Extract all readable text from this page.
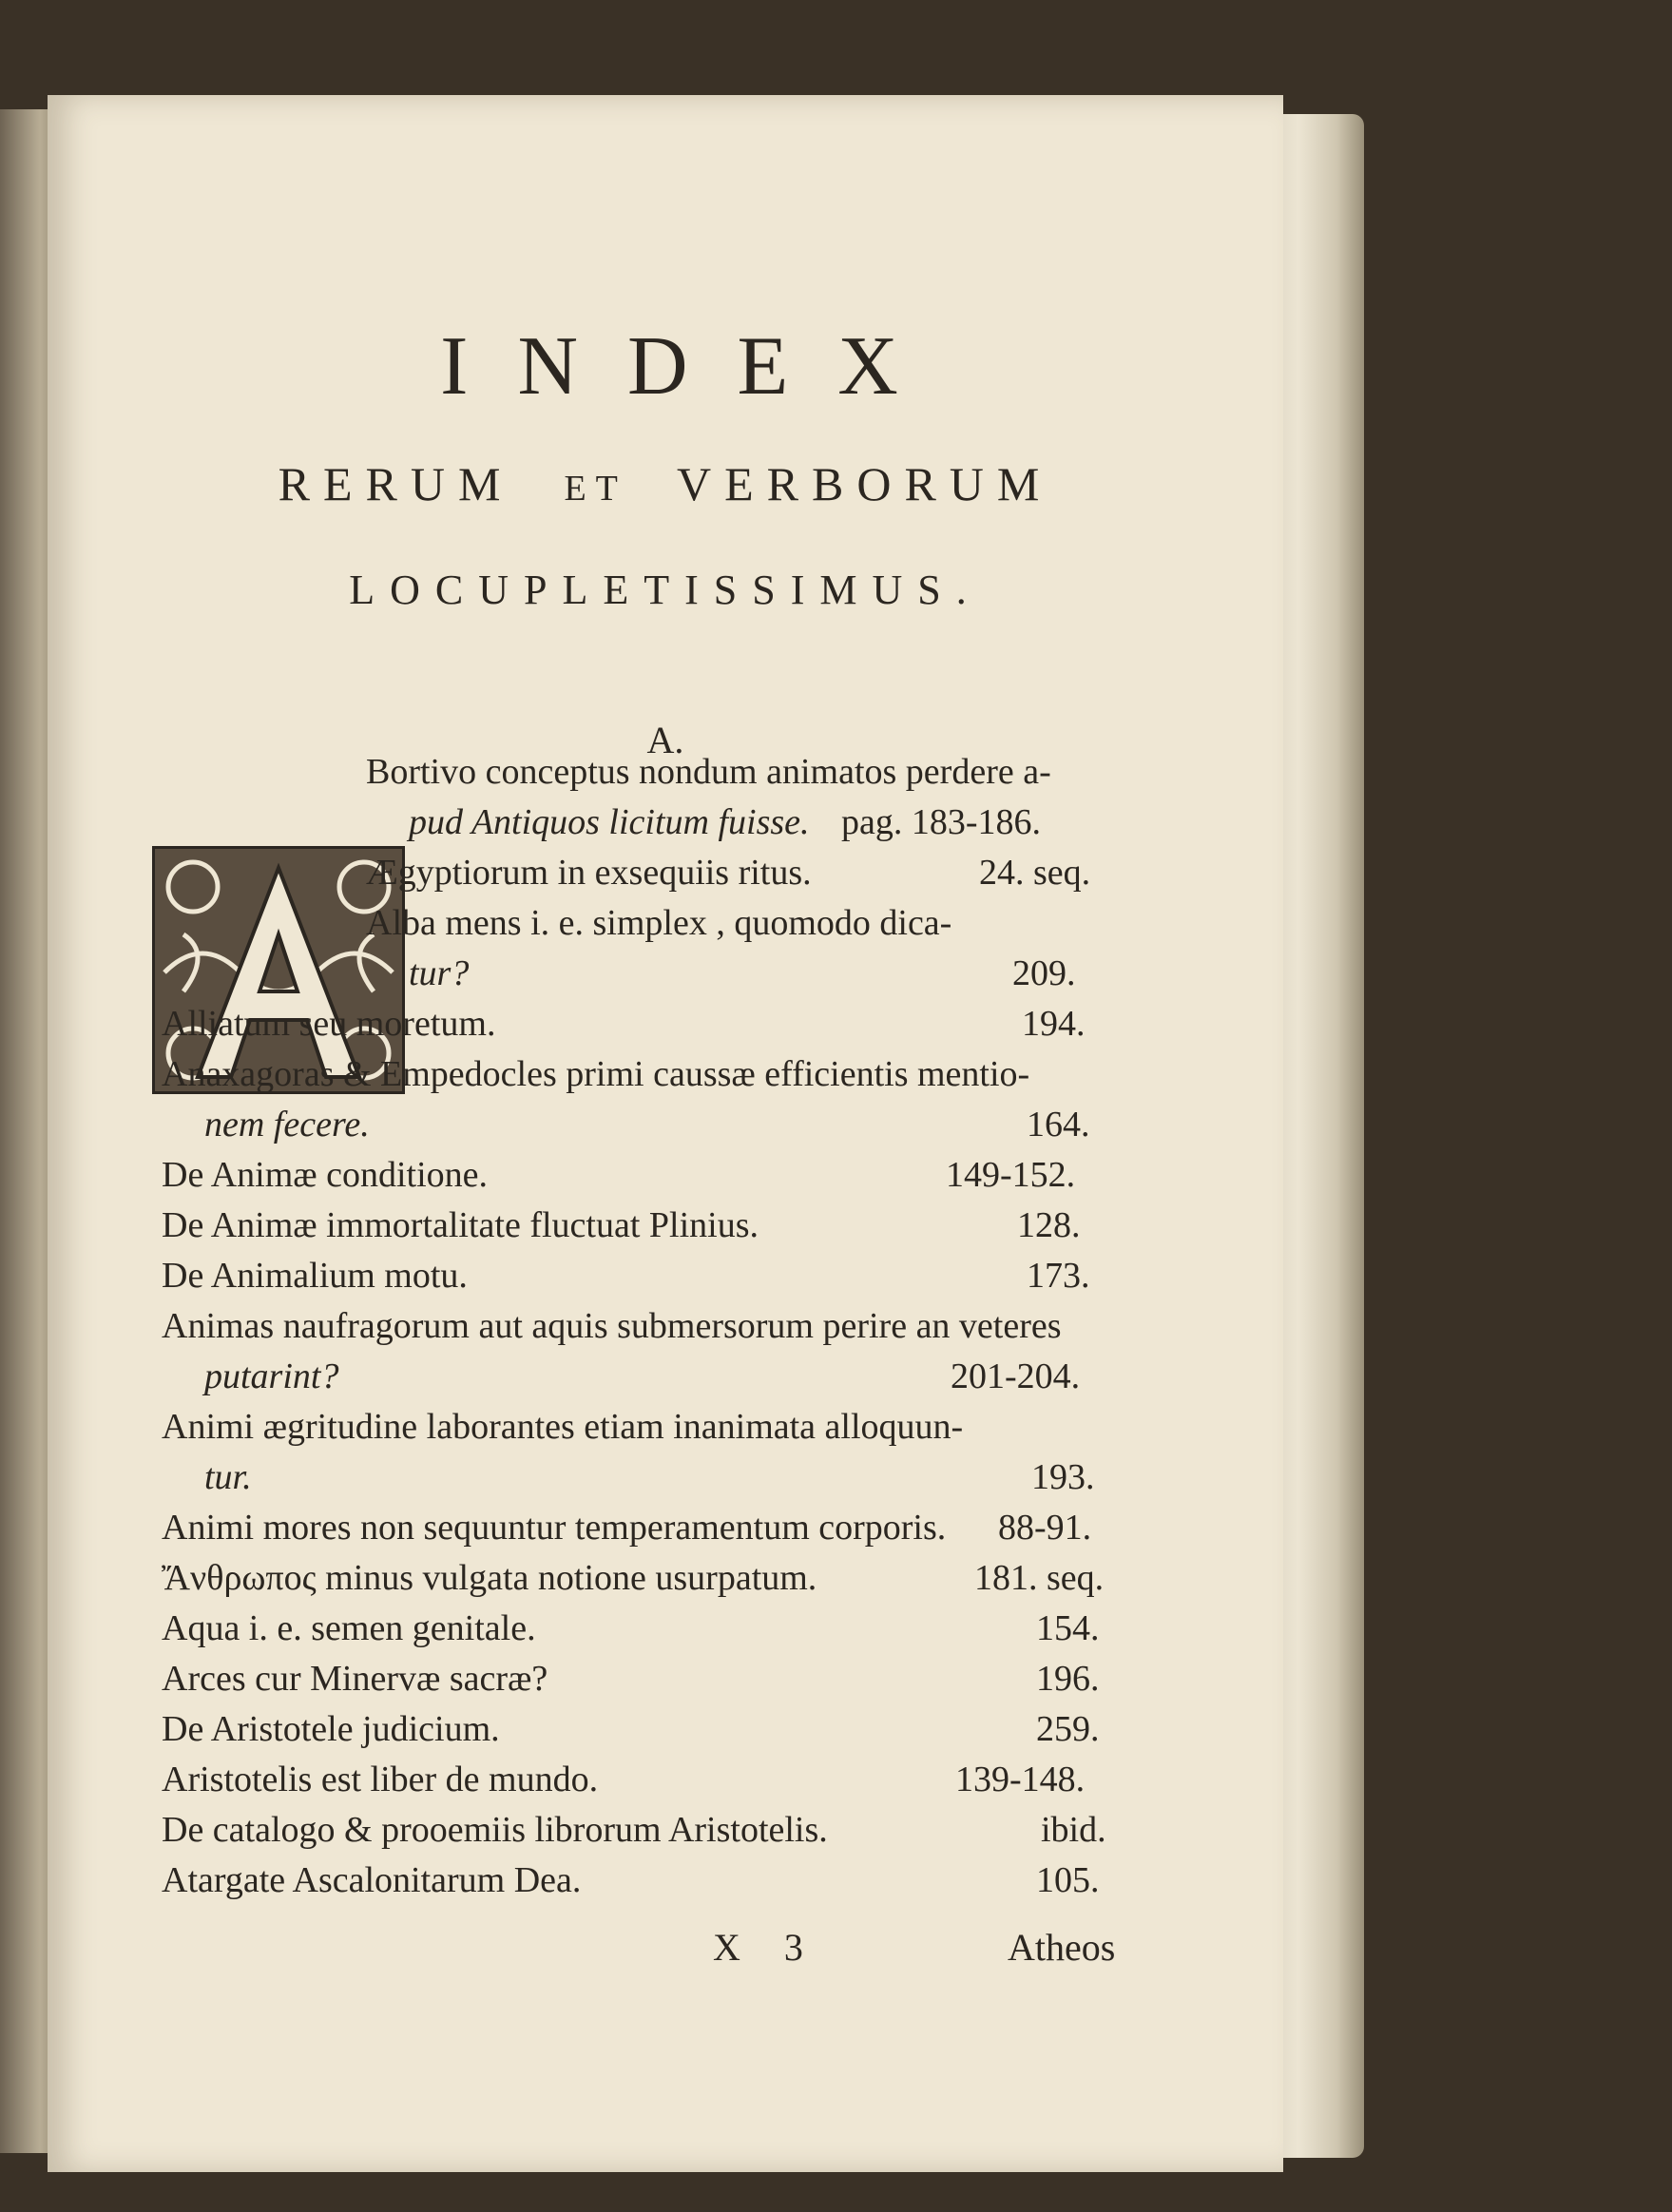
INDEX
RERUM ET VERBORUM
LOCUPLETISSIMUS.
A.
Bortivo conceptus nondum animatos perdere a-
pud Antiquos licitum fuisse. pag. 183-186.
Ægyptiorum in exsequiis ritus.	24. seq.
Alba mens i. e. simplex , quomodo dica-
tur?	209.
Alliatum seu moretum.	194.
Anaxagoras & Empedocles primi caussæ efficientis mentio-
nem fecere.	164.
De Animæ conditione.	149-152.
De Animæ immortalitate fluctuat Plinius.	128.
De Animalium motu.	173.
Animas naufragorum aut aquis submersorum perire an veteres
putarint?	201-204.
Animi ægritudine laborantes etiam inanimata alloquun-
tur.	193.
Animi mores non sequuntur temperamentum corporis. 88-91.
Ἄνθρωπος minus vulgata notione usurpatum.	181. seq.
Aqua i. e. semen genitale.	154.
Arces cur Minervæ sacræ?	196.
De Aristotele judicium.	259.
Aristotelis est liber de mundo.	139-148.
De catalogo & prooemiis librorum Aristotelis.	ibid.
Atargate Ascalonitarum Dea.	105.
X 3	Atheos
